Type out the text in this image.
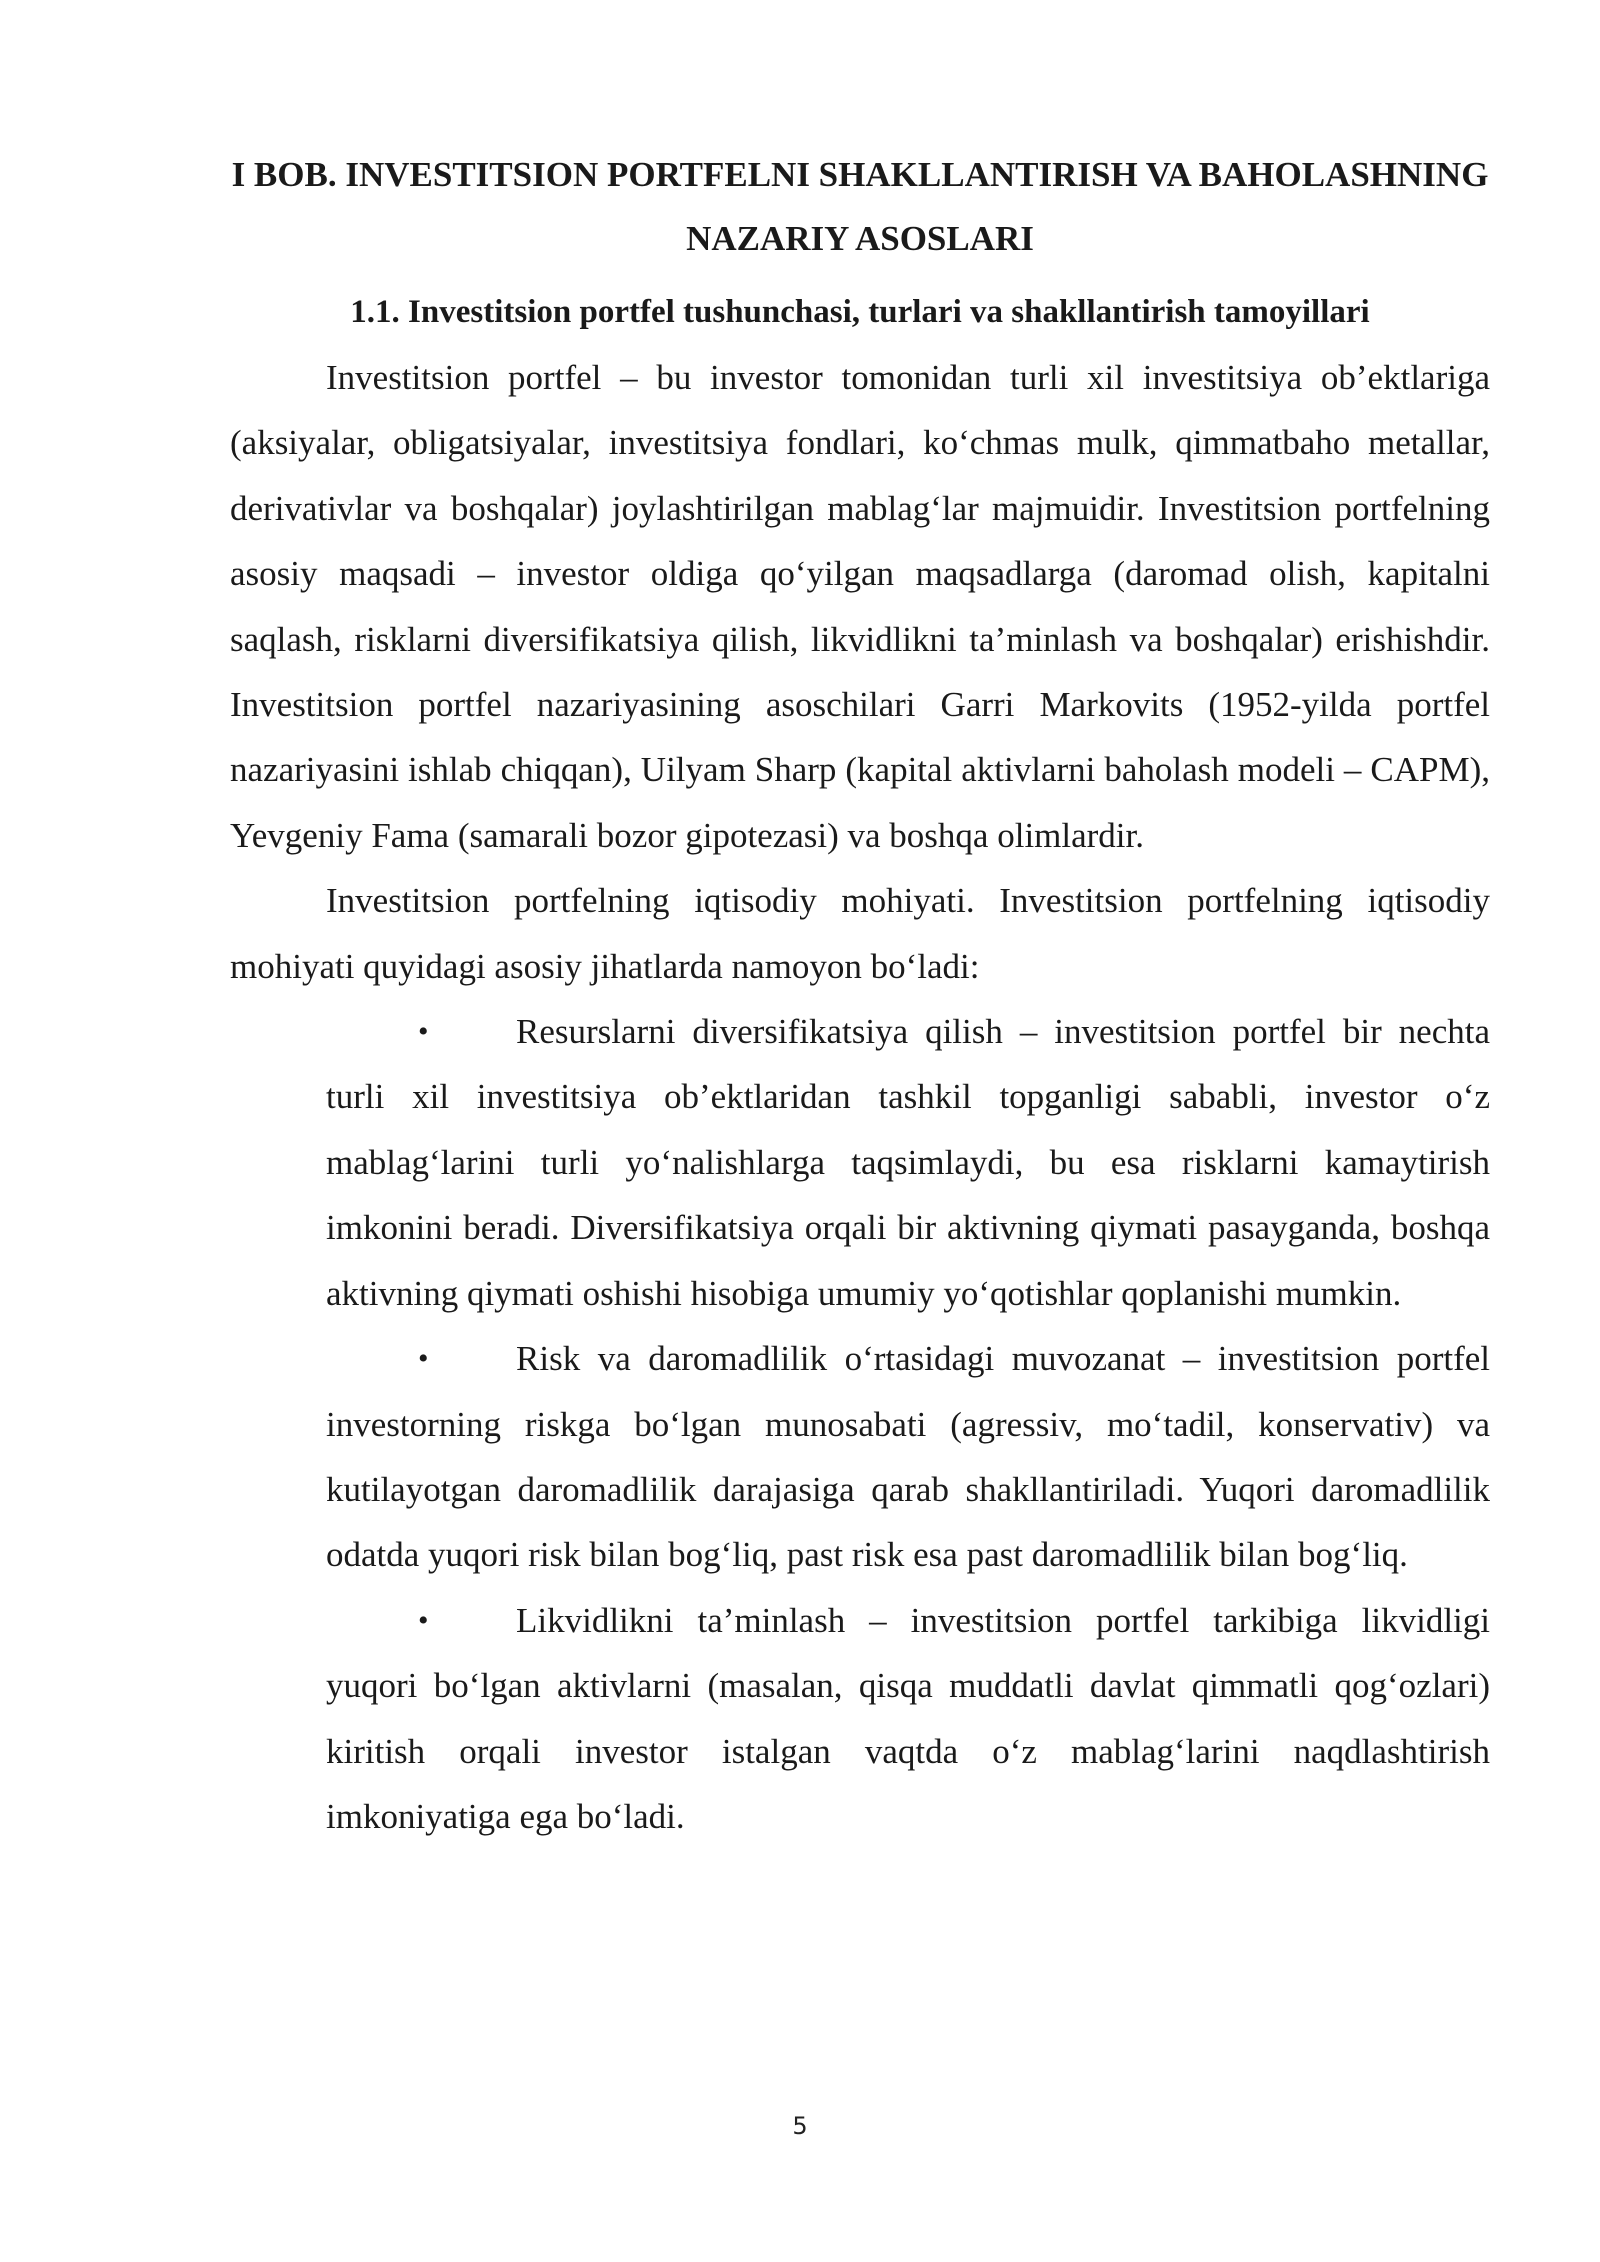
I BOB. INVESTITSION PORTFELNI SHAKLLANTIRISH VA BAHOLASHNING NAZARIY ASOSLARI
1.1. Investitsion portfel tushunchasi, turlari va shakllantirish tamoyillari

Investitsion portfel – bu investor tomonidan turli xil investitsiya ob’ektlariga (aksiyalar, obligatsiyalar, investitsiya fondlari, ko‘chmas mulk, qimmatbaho metallar, derivativlar va boshqalar) joylashtirilgan mablag‘lar majmuidir. Investitsion portfelning asosiy maqsadi – investor oldiga qo‘yilgan maqsadlarga (daromad olish, kapitalni saqlash, risklarni diversifikatsiya qilish, likvidlikni ta’minlash va boshqalar) erishishdir. Investitsion portfel nazariyasining asoschilari Garri Markovits (1952-yilda portfel nazariyasini ishlab chiqqan), Uilyam Sharp (kapital aktivlarni baholash modeli – CAPM), Yevgeniy Fama (samarali bozor gipotezasi) va boshqa olimlardir.

Investitsion portfelning iqtisodiy mohiyati. Investitsion portfelning iqtisodiy mohiyati quyidagi asosiy jihatlarda namoyon bo‘ladi:

• Resurslarni diversifikatsiya qilish – investitsion portfel bir nechta turli xil investitsiya ob’ektlaridan tashkil topganligi sababli, investor o‘z mablag‘larini turli yo‘nalishlarga taqsimlaydi, bu esa risklarni kamaytirish imkonini beradi. Diversifikatsiya orqali bir aktivning qiymati pasayganda, boshqa aktivning qiymati oshishi hisobiga umumiy yo‘qotishlar qoplanishi mumkin.
• Risk va daromadlilik o‘rtasidagi muvozanat – investitsion portfel investorning riskga bo‘lgan munosabati (agressiv, mo‘tadil, konservativ) va kutilayotgan daromadlilik darajasiga qarab shakllantiriladi. Yuqori daromadlilik odatda yuqori risk bilan bog‘liq, past risk esa past daromadlilik bilan bog‘liq.
• Likvidlikni ta’minlash – investitsion portfel tarkibiga likvidligi yuqori bo‘lgan aktivlarni (masalan, qisqa muddatli davlat qimmatli qog‘ozlari) kiritish orqali investor istalgan vaqtda o‘z mablag‘larini naqdlashtirish imkoniyatiga ega bo‘ladi.
5
